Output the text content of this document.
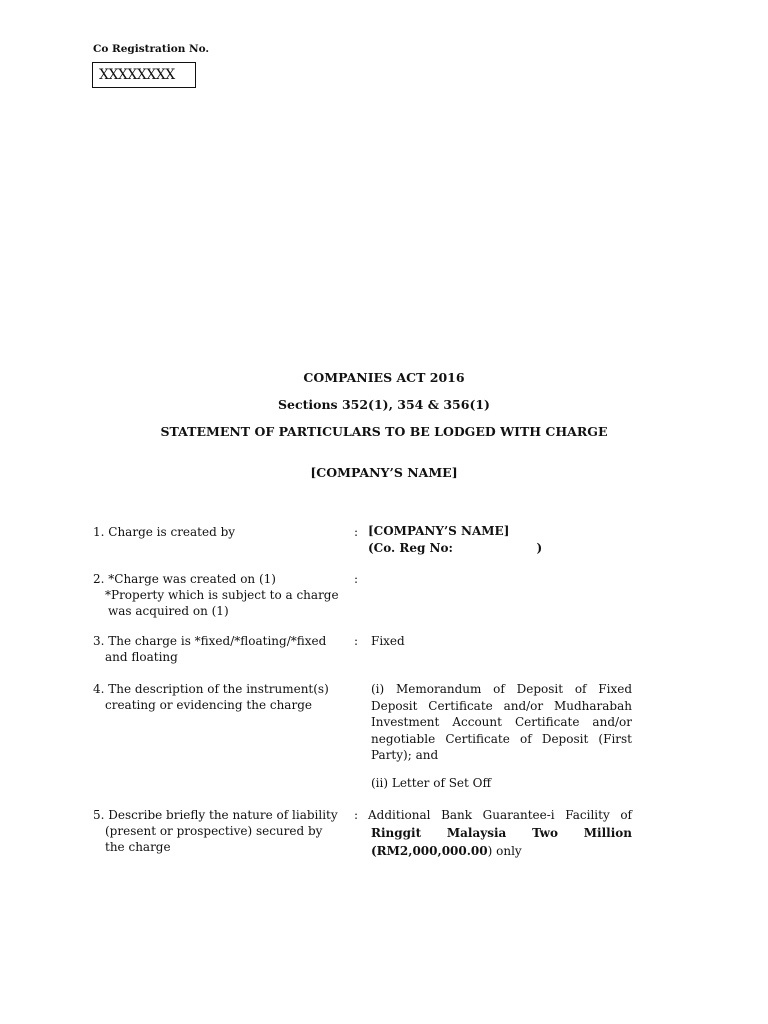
Co Registration No.
XXXXXXXX
COMPANIES ACT 2016
Sections 352(1), 354 & 356(1)
STATEMENT OF PARTICULARS TO BE LODGED WITH CHARGE
[COMPANY’S NAME]
1. Charge is created by	: [COMPANY’S NAME]
(Co. Reg No:                    )
2. *Charge was created on (1)
*Property which is subject to a charge
was acquired on (1)
:
3. The charge is *fixed/*floating/*fixed
and floating
: Fixed
4. The description of the instrument(s)
creating or evidencing the charge
(i) Memorandum of Deposit of Fixed Deposit Certificate and/or Mudharabah Investment Account Certificate and/or negotiable Certificate of Deposit (First Party); and
(ii) Letter of Set Off
5. Describe briefly the nature of liability
(present or prospective) secured by
the charge
: Additional Bank Guarantee-i Facility of
Ringgit Malaysia Two Million
(RM2,000,000.00) only
